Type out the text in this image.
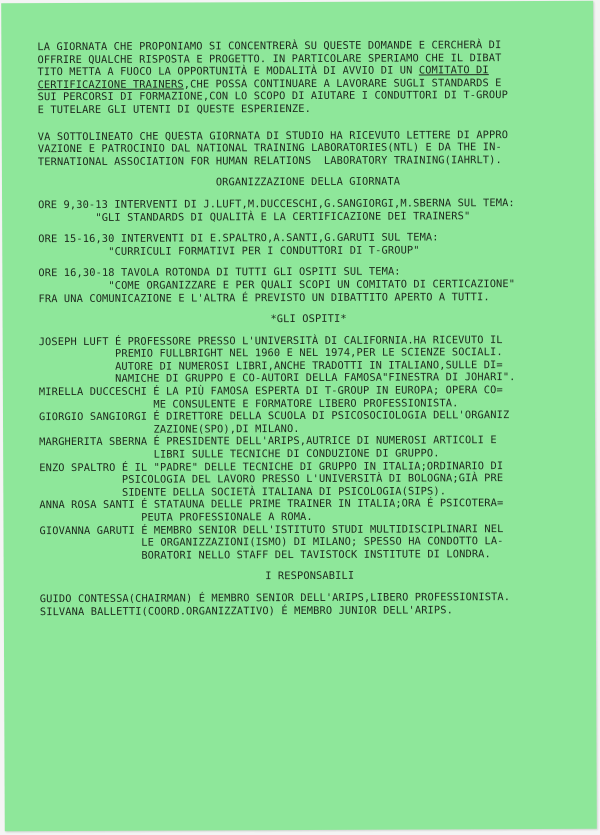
LA GIORNATA CHE PROPONIAMO SI CONCENTRERÀ SU QUESTE DOMANDE E CERCHERÀ DI

OFFRIRE QUALCHE RISPOSTA E PROGETTO. IN PARTICOLARE SPERIAMO CHE IL DIBAT

TITO METTA A FUOCO LA OPPORTUNITÀ E MODALITÀ DI AVVIO DI UN COMITATO DI

CERTIFICAZIONE TRAINERS,CHE POSSA CONTINUARE A LAVORARE SUGLI STANDARDS E

SUI PERCORSI DI FORMAZIONE,CON LO SCOPO DI AIUTARE I CONDUTTORI DI T-GROUP

E TUTELARE GLI UTENTI DI QUESTE ESPERIENZE.

VA SOTTOLINEATO CHE QUESTA GIORNATA DI STUDIO HA RICEVUTO LETTERE DI APPRO

VAZIONE E PATROCINIO DAL NATIONAL TRAINING LABORATORIES(NTL) E DA THE IN-

TERNATIONAL ASSOCIATION FOR HUMAN RELATIONS  LABORATORY TRAINING(IAHRLT).

ORGANIZZAZIONE DELLA GIORNATA

ORE 9,30-13 INTERVENTI DI J.LUFT,M.DUCCESCHI,G.SANGIORGI,M.SBERNA SUL TEMA:

"GLI STANDARDS DI QUALITÀ E LA CERTIFICAZIONE DEI TRAINERS"

ORE 15-16,30 INTERVENTI DI E.SPALTRO,A.SANTI,G.GARUTI SUL TEMA:

"CURRICULI FORMATIVI PER I CONDUTTORI DI T-GROUP"

ORE 16,30-18 TAVOLA ROTONDA DI TUTTI GLI OSPITI SUL TEMA:

"COME ORGANIZZARE E PER QUALI SCOPI UN COMITATO DI CERTICAZIONE"

FRA UNA COMUNICAZIONE E L'ALTRA É PREVISTO UN DIBATTITO APERTO A TUTTI.

*GLI OSPITI*

JOSEPH LUFT É PROFESSORE PRESSO L'UNIVERSITÀ DI CALIFORNIA.HA RICEVUTO IL

PREMIO FULLBRIGHT NEL 1960 E NEL 1974,PER LE SCIENZE SOCIALI.

AUTORE DI NUMEROSI LIBRI,ANCHE TRADOTTI IN ITALIANO,SULLE DI=

NAMICHE DI GRUPPO E CO-AUTORI DELLA FAMOSA"FINESTRA DI JOHARI".

MIRELLA DUCCESCHI É LA PIÙ FAMOSA ESPERTA DI T-GROUP IN EUROPA; OPERA CO=

ME CONSULENTE E FORMATORE LIBERO PROFESSIONISTA.

GIORGIO SANGIORGI É DIRETTORE DELLA SCUOLA DI PSICOSOCIOLOGIA DELL'ORGANIZ

ZAZIONE(SPO),DI MILANO.

MARGHERITA SBERNA É PRESIDENTE DELL'ARIPS,AUTRICE DI NUMEROSI ARTICOLI E

LIBRI SULLE TECNICHE DI CONDUZIONE DI GRUPPO.

ENZO SPALTRO É IL "PADRE" DELLE TECNICHE DI GRUPPO IN ITALIA;ORDINARIO DI

PSICOLOGIA DEL LAVORO PRESSO L'UNIVERSITÀ DI BOLOGNA;GIÀ PRE

SIDENTE DELLA SOCIETÀ ITALIANA DI PSICOLOGIA(SIPS).

ANNA ROSA SANTI É STATAUNA DELLE PRIME TRAINER IN ITALIA;ORA É PSICOTERA=

PEUTA PROFESSIONALE A ROMA.

GIOVANNA GARUTI É MEMBRO SENIOR DELL'ISTITUTO STUDI MULTIDISCIPLINARI NEL

LE ORGANIZZAZIONI(ISMO) DI MILANO; SPESSO HA CONDOTTO LA-

BORATORI NELLO STAFF DEL TAVISTOCK INSTITUTE DI LONDRA.

I RESPONSABILI

GUIDO CONTESSA(CHAIRMAN) É MEMBRO SENIOR DELL'ARIPS,LIBERO PROFESSIONISTA.

SILVANA BALLETTI(COORD.ORGANIZZATIVO) É MEMBRO JUNIOR DELL'ARIPS.
